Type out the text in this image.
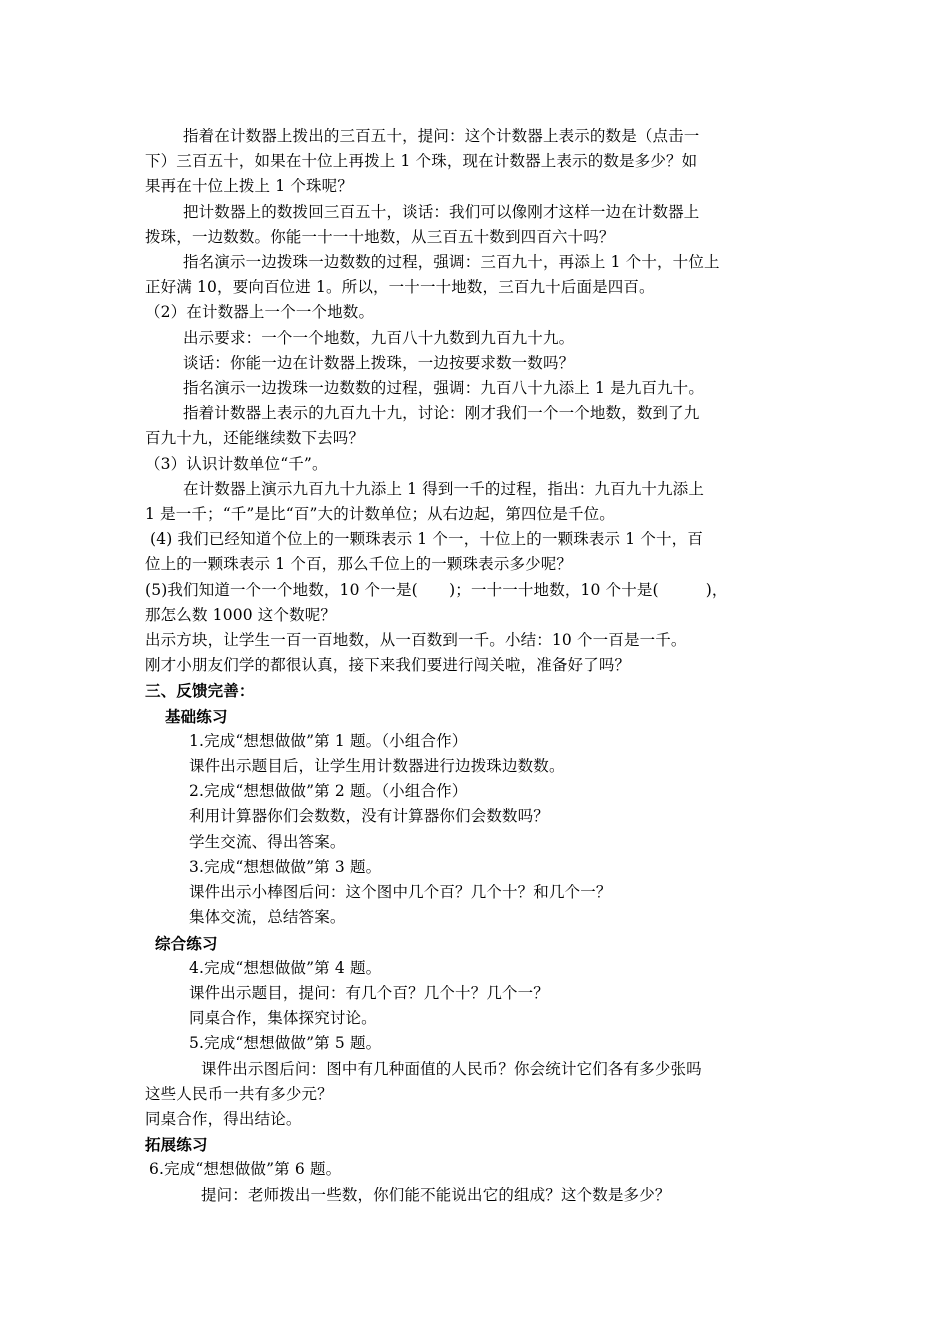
指着在计数器上拨出的三百五十，提问：这个计数器上表示的数是（点击一

下）三百五十，如果在十位上再拨上 1 个珠，现在计数器上表示的数是多少？如

果再在十位上拨上 1 个珠呢？

把计数器上的数拨回三百五十，谈话：我们可以像刚才这样一边在计数器上

拨珠，一边数数。你能一十一十地数，从三百五十数到四百六十吗？

指名演示一边拨珠一边数数的过程，强调：三百九十，再添上 1 个十，十位上

正好满 10，要向百位进 1。所以，一十一十地数，三百九十后面是四百。

（2）在计数器上一个一个地数。

出示要求：一个一个地数，九百八十九数到九百九十九。

谈话：你能一边在计数器上拨珠，一边按要求数一数吗？

指名演示一边拨珠一边数数的过程，强调：九百八十九添上 1 是九百九十。

指着计数器上表示的九百九十九，讨论：刚才我们一个一个地数，数到了九

百九十九，还能继续数下去吗？

（3）认识计数单位“千”。

在计数器上演示九百九十九添上 1 得到一千的过程，指出：九百九十九添上

1 是一千；“千”是比“百”大的计数单位；从右边起，第四位是千位。

(4) 我们已经知道个位上的一颗珠表示 1 个一，十位上的一颗珠表示 1 个十，百

位上的一颗珠表示 1 个百，那么千位上的一颗珠表示多少呢？

(5)我们知道一个一个地数，10 个一是(　　)；一十一十地数，10 个十是(　　　)，

那怎么数 1000 这个数呢？

出示方块，让学生一百一百地数，从一百数到一千。小结：10 个一百是一千。

刚才小朋友们学的都很认真，接下来我们要进行闯关啦，准备好了吗？

三、反馈完善：

基础练习

1.完成“想想做做”第 1 题。（小组合作）

课件出示题目后，让学生用计数器进行边拨珠边数数。

2.完成“想想做做”第 2 题。（小组合作）

利用计算器你们会数数，没有计算器你们会数数吗？

学生交流、得出答案。

3.完成“想想做做”第 3 题。

课件出示小棒图后问：这个图中几个百？几个十？和几个一？

集体交流，总结答案。

综合练习

4.完成“想想做做”第 4 题。

课件出示题目，提问：有几个百？几个十？几个一？

同桌合作，集体探究讨论。

5.完成“想想做做”第 5 题。

课件出示图后问：图中有几种面值的人民币？你会统计它们各有多少张吗

这些人民币一共有多少元？

同桌合作，得出结论。

拓展练习

6.完成“想想做做”第 6 题。

提问：老师拨出一些数，你们能不能说出它的组成？这个数是多少？
